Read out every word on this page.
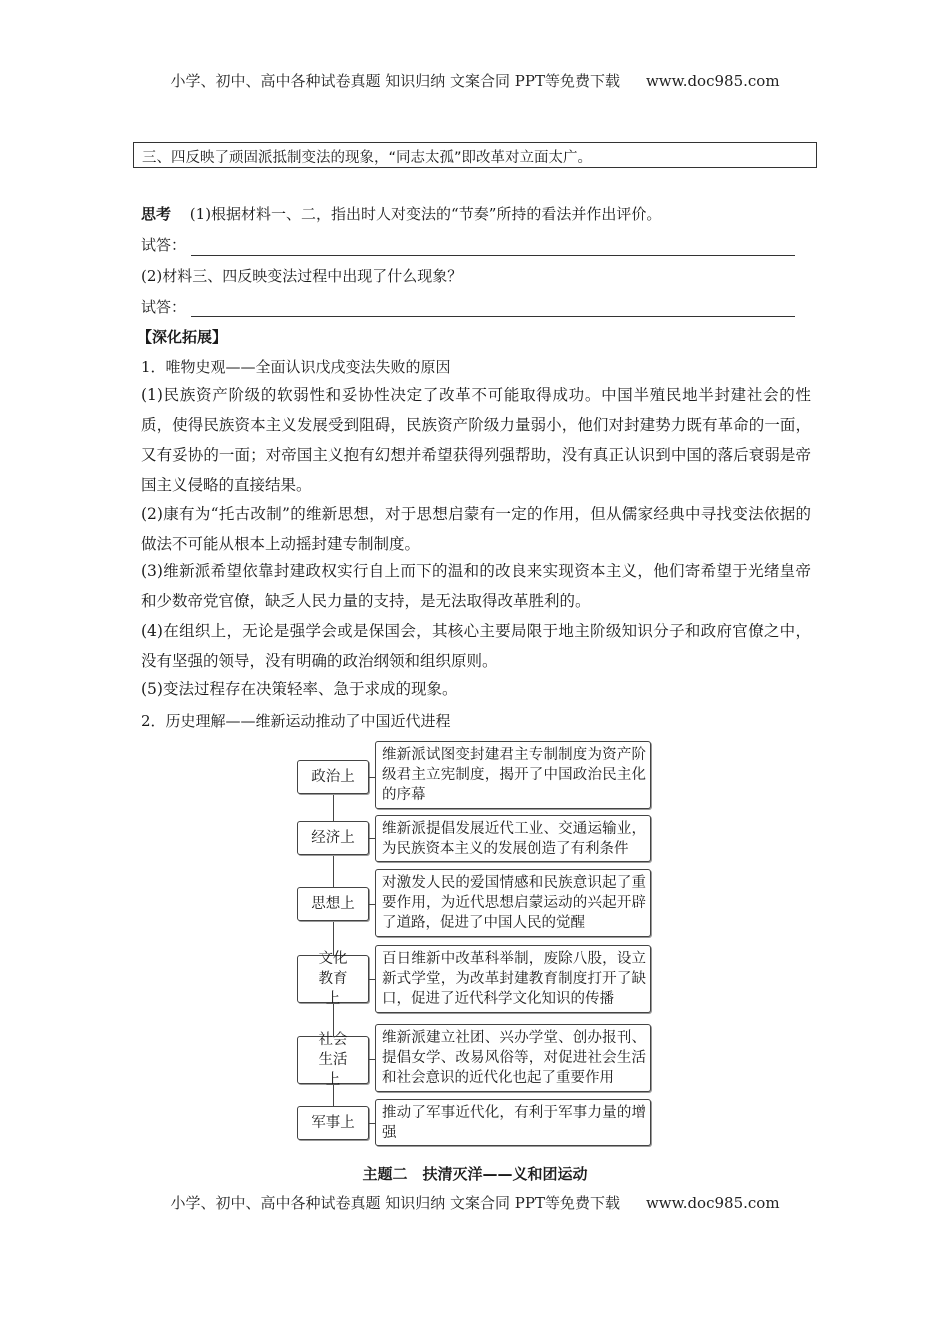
小学、初中、高中各种试卷真题 知识归纳 文案合同 PPT等免费下载 www.doc985.com
三、四反映了顽固派抵制变法的现象，“同志太孤”即改革对立面太广。
思考 (1)根据材料一、二，指出时人对变法的“节奏”所持的看法并作出评价。
试答：
(2)材料三、四反映变法过程中出现了什么现象？
试答：
【深化拓展】
1．唯物史观——全面认识戊戌变法失败的原因
(1)民族资产阶级的软弱性和妥协性决定了改革不可能取得成功。中国半殖民地半封建社会的性质，使得民族资本主义发展受到阻碍，民族资产阶级力量弱小，他们对封建势力既有革命的一面，又有妥协的一面；对帝国主义抱有幻想并希望获得列强帮助，没有真正认识到中国的落后衰弱是帝国主义侵略的直接结果。
(2)康有为“托古改制”的维新思想，对于思想启蒙有一定的作用，但从儒家经典中寻找变法依据的做法不可能从根本上动摇封建专制制度。
(3)维新派希望依靠封建政权实行自上而下的温和的改良来实现资本主义，他们寄希望于光绪皇帝和少数帝党官僚，缺乏人民力量的支持，是无法取得改革胜利的。
(4)在组织上，无论是强学会或是保国会，其核心主要局限于地主阶级知识分子和政府官僚之中，没有坚强的领导，没有明确的政治纲领和组织原则。
(5)变法过程存在决策轻率、急于求成的现象。
2．历史理解——维新运动推动了中国近代进程
政治上
维新派试图变封建君主专制制度为资产阶级君主立宪制度，揭开了中国政治民主化的序幕
经济上
维新派提倡发展近代工业、交通运输业，为民族资本主义的发展创造了有利条件
思想上
对激发人民的爱国情感和民族意识起了重要作用，为近代思想启蒙运动的兴起开辟了道路，促进了中国人民的觉醒
文化教育上
百日维新中改革科举制，废除八股，设立新式学堂，为改革封建教育制度打开了缺口，促进了近代科学文化知识的传播
社会生活上
维新派建立社团、兴办学堂、创办报刊、提倡女学、改易风俗等，对促进社会生活和社会意识的近代化也起了重要作用
军事上
推动了军事近代化，有利于军事力量的增强
主题二　扶清灭洋——义和团运动
小学、初中、高中各种试卷真题 知识归纳 文案合同 PPT等免费下载 www.doc985.com
